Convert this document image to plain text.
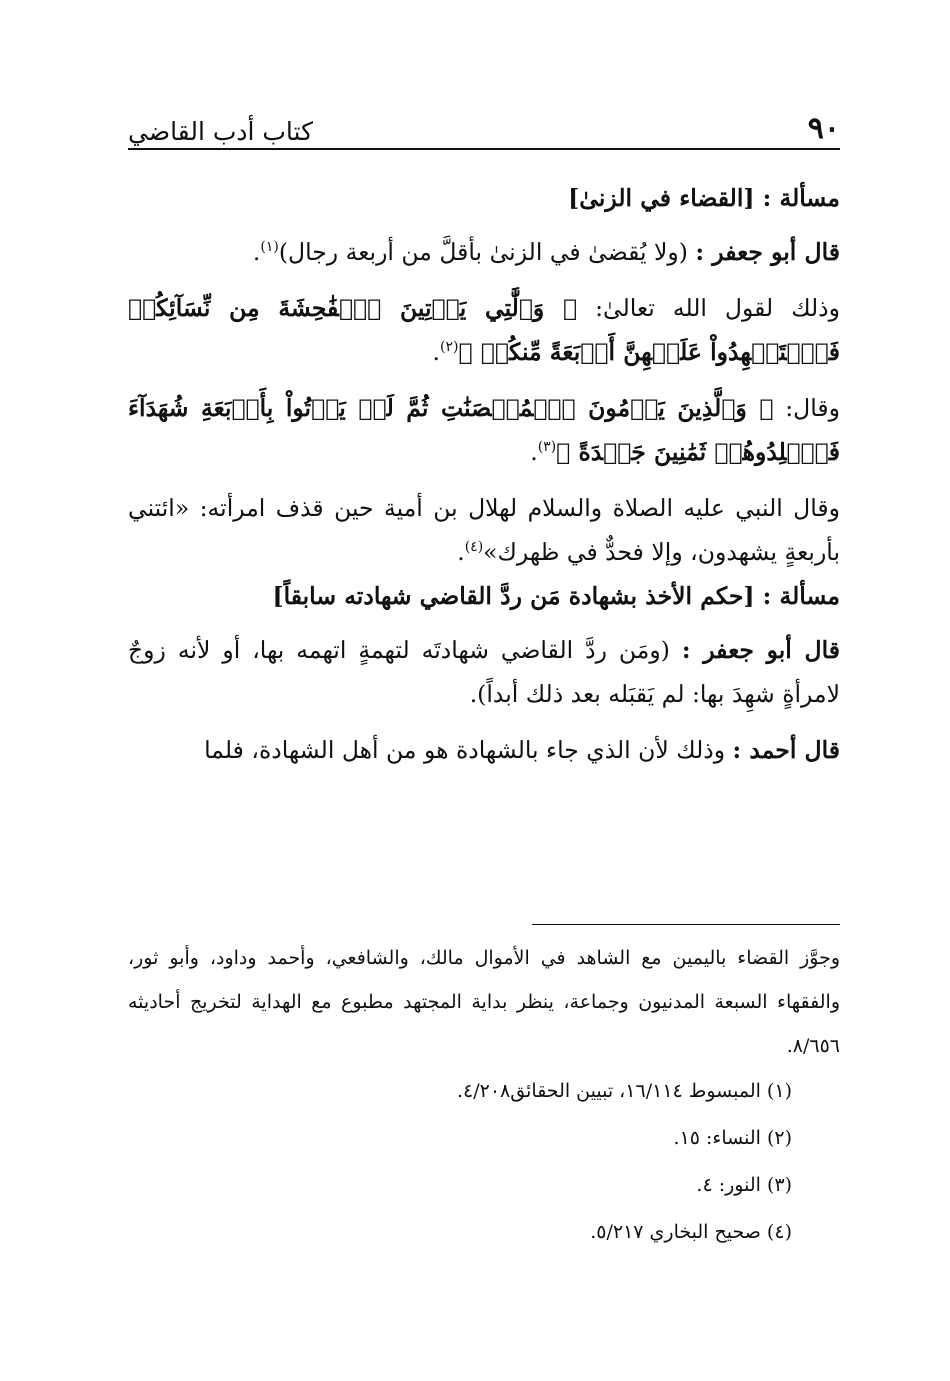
٩٠
كتاب أدب القاضي

مسألة : [القضاء في الزنىٰ]

قال أبو جعفر : (ولا يُقضىٰ في الزنىٰ بأقلَّ من أربعة رجال)$^{(١)}$.

وذلك لقول الله تعالىٰ: ﴿ وَٱلَّٰتِي يَأۡتِينَ ٱلۡفَٰحِشَةَ مِن نِّسَآئِكُمۡ فَٱسۡتَشۡهِدُواْ عَلَيۡهِنَّ أَرۡبَعَةً مِّنكُمۡ ﴾$^{(٢)}$.

وقال: ﴿ وَٱلَّذِينَ يَرۡمُونَ ٱلۡمُحۡصَنَٰتِ ثُمَّ لَمۡ يَأۡتُواْ بِأَرۡبَعَةِ شُهَدَآءَ فَٱجۡلِدُوهُمۡ ثَمَٰنِينَ جَلۡدَةً ﴾$^{(٣)}$.

وقال النبي عليه الصلاة والسلام لهلال بن أمية حين قذف امرأته: «ائتني بأربعةٍ يشهدون، وإلا فحدٌّ في ظهرك»$^{(٤)}$.

مسألة : [حكم الأخذ بشهادة مَن ردَّ القاضي شهادته سابقاً]

قال أبو جعفر : (ومَن ردَّ القاضي شهادتَه لتهمةٍ اتهمه بها، أو لأنه زوجٌ لامرأةٍ شهِدَ بها: لم يَقبَله بعد ذلك أبداً).

قال أحمد : وذلك لأن الذي جاء بالشهادة هو من أهل الشهادة، فلما

وجوَّز القضاء باليمين مع الشاهد في الأموال مالك، والشافعي، وأحمد وداود، وأبو ثور، والفقهاء السبعة المدنيون وجماعة، ينظر بداية المجتهد مطبوع مع الهداية لتخريج أحاديثه ٨/٦٥٦.

(١) المبسوط ١٦/١١٤، تبيين الحقائق٤/٢٠٨.

(٢) النساء: ١٥.

(٣) النور: ٤.

(٤) صحيح البخاري ٥/٢١٧.
